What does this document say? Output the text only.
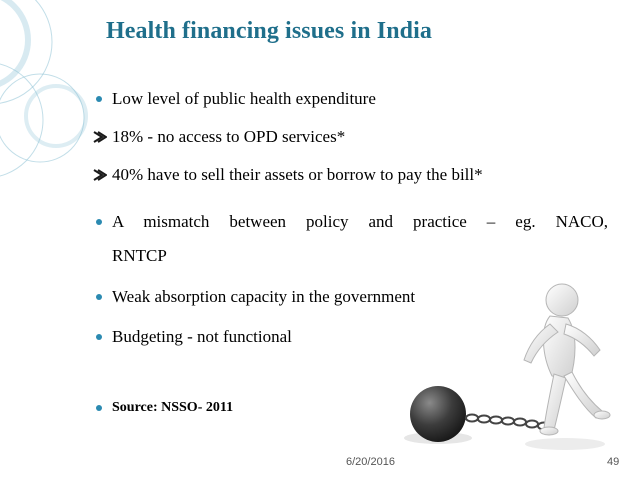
Health financing issues in India
Low level of public health expenditure
18% - no access to OPD services*
40% have to sell their assets or borrow to pay the bill*
A mismatch between policy and practice – eg. NACO,
RNTCP
Weak absorption capacity in the government
Budgeting - not functional
Source: NSSO- 2011
6/20/2016	49
